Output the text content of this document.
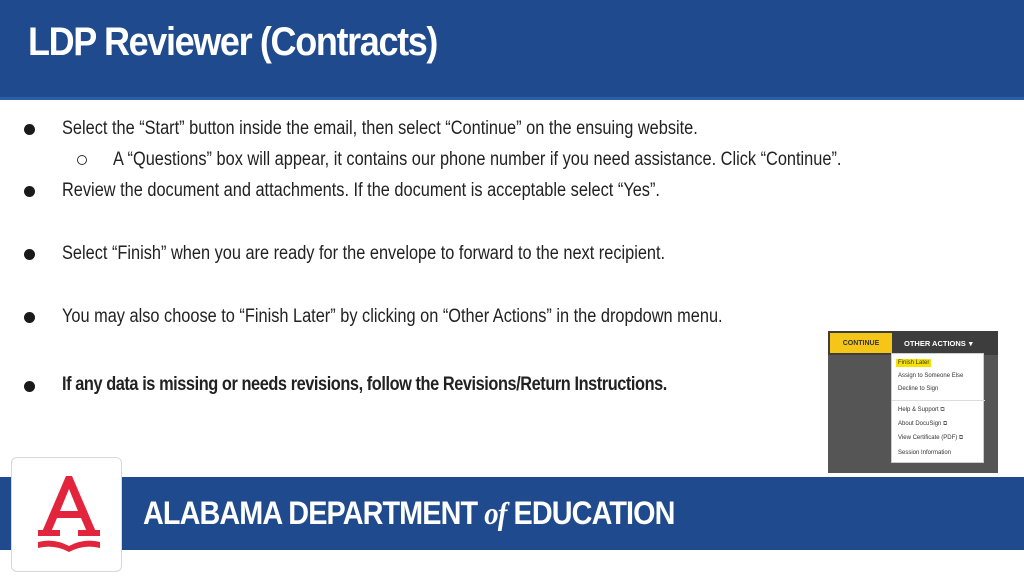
LDP Reviewer (Contracts)
Select the “Start” button inside the email, then select “Continue” on the ensuing website.
A “Questions” box will appear, it contains our phone number if you need assistance. Click “Continue”.
Review the document and attachments. If the document is acceptable select “Yes”.
Select “Finish” when you are ready for the envelope to forward to the next recipient.
You may also choose to “Finish Later” by clicking on “Other Actions” in the dropdown menu.
If any data is missing or needs revisions, follow the Revisions/Return Instructions.
CONTINUE	OTHER ACTIONS ▾
Finish Later
Assign to Someone Else
Decline to Sign
Help & Support ⧉
About DocuSign ⧉
View Certificate (PDF) ⧉
Session Information
ALABAMA DEPARTMENT of EDUCATION
